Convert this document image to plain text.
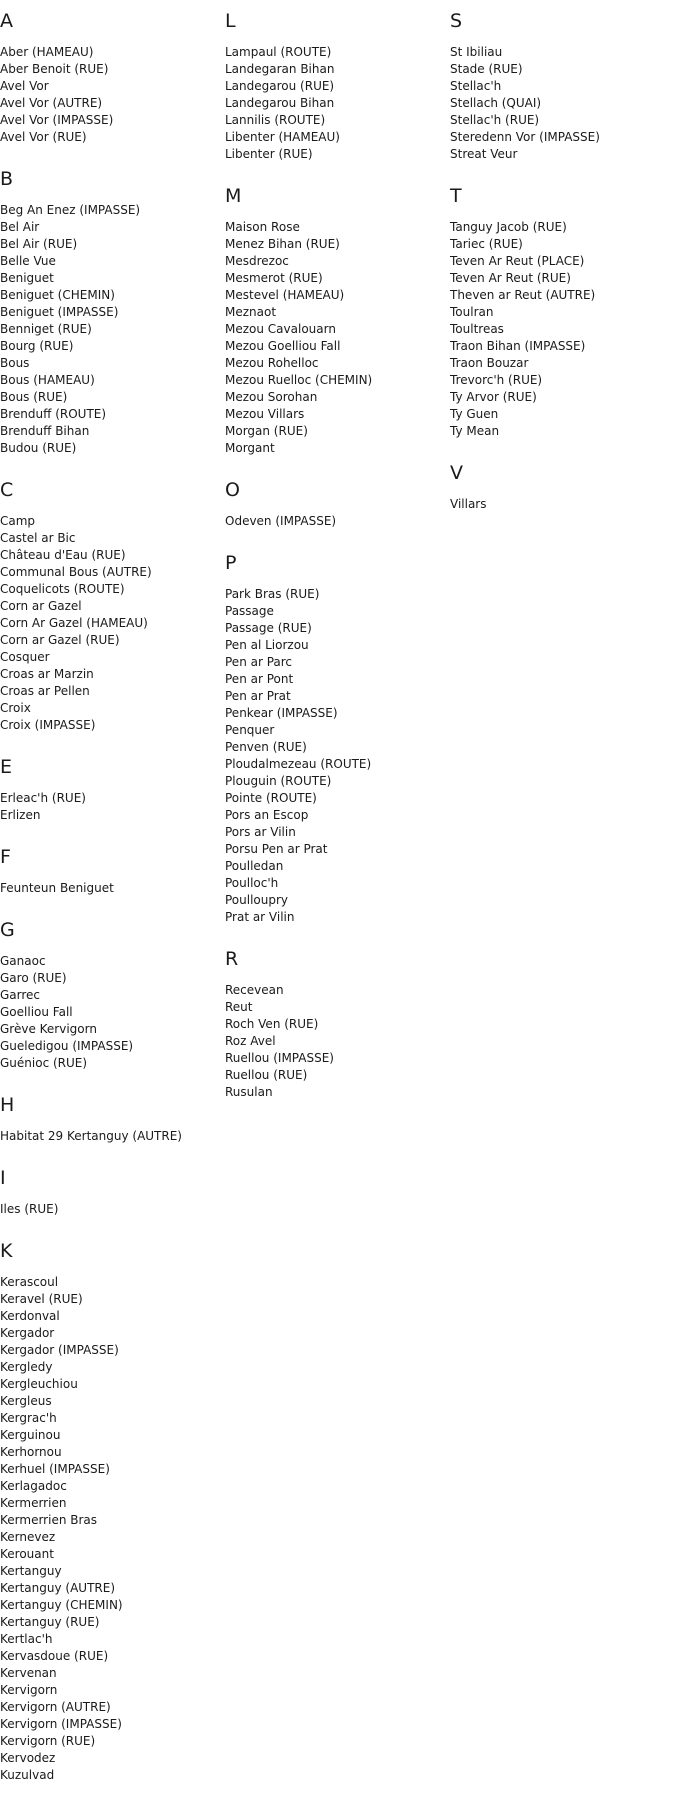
A
Aber (HAMEAU)
Aber Benoit (RUE)
Avel Vor
Avel Vor (AUTRE)
Avel Vor (IMPASSE)
Avel Vor (RUE)
B
Beg An Enez (IMPASSE)
Bel Air
Bel Air (RUE)
Belle Vue
Beniguet
Beniguet (CHEMIN)
Beniguet (IMPASSE)
Benniget (RUE)
Bourg (RUE)
Bous
Bous (HAMEAU)
Bous (RUE)
Brenduff (ROUTE)
Brenduff Bihan
Budou (RUE)
C
Camp
Castel ar Bic
Château d'Eau (RUE)
Communal Bous (AUTRE)
Coquelicots (ROUTE)
Corn ar Gazel
Corn Ar Gazel (HAMEAU)
Corn ar Gazel (RUE)
Cosquer
Croas ar Marzin
Croas ar Pellen
Croix
Croix (IMPASSE)
E
Erleac'h (RUE)
Erlizen
F
Feunteun Beniguet
G
Ganaoc
Garo (RUE)
Garrec
Goelliou Fall
Grève Kervigorn
Gueledigou (IMPASSE)
Guénioc (RUE)
H
Habitat 29 Kertanguy (AUTRE)
I
Iles (RUE)
K
Kerascoul
Keravel (RUE)
Kerdonval
Kergador
Kergador (IMPASSE)
Kergledy
Kergleuchiou
Kergleus
Kergrac'h
Kerguinou
Kerhornou
Kerhuel (IMPASSE)
Kerlagadoc
Kermerrien
Kermerrien Bras
Kernevez
Kerouant
Kertanguy
Kertanguy (AUTRE)
Kertanguy (CHEMIN)
Kertanguy (RUE)
Kertlac'h
Kervasdoue (RUE)
Kervenan
Kervigorn
Kervigorn (AUTRE)
Kervigorn (IMPASSE)
Kervigorn (RUE)
Kervodez
Kuzulvad
L
Lampaul (ROUTE)
Landegaran Bihan
Landegarou (RUE)
Landegarou Bihan
Lannilis (ROUTE)
Libenter (HAMEAU)
Libenter (RUE)
M
Maison Rose
Menez Bihan (RUE)
Mesdrezoc
Mesmerot (RUE)
Mestevel (HAMEAU)
Meznaot
Mezou Cavalouarn
Mezou Goelliou Fall
Mezou Rohelloc
Mezou Ruelloc (CHEMIN)
Mezou Sorohan
Mezou Villars
Morgan (RUE)
Morgant
O
Odeven (IMPASSE)
P
Park Bras (RUE)
Passage
Passage (RUE)
Pen al Liorzou
Pen ar Parc
Pen ar Pont
Pen ar Prat
Penkear (IMPASSE)
Penquer
Penven (RUE)
Ploudalmezeau (ROUTE)
Plouguin (ROUTE)
Pointe (ROUTE)
Pors an Escop
Pors ar Vilin
Porsu Pen ar Prat
Poulledan
Poulloc'h
Poulloupry
Prat ar Vilin
R
Recevean
Reut
Roch Ven (RUE)
Roz Avel
Ruellou (IMPASSE)
Ruellou (RUE)
Rusulan
S
St Ibiliau
Stade (RUE)
Stellac'h
Stellach (QUAI)
Stellac'h (RUE)
Steredenn Vor (IMPASSE)
Streat Veur
T
Tanguy Jacob (RUE)
Tariec (RUE)
Teven Ar Reut (PLACE)
Teven Ar Reut (RUE)
Theven ar Reut (AUTRE)
Toulran
Toultreas
Traon Bihan (IMPASSE)
Traon Bouzar
Trevorc'h (RUE)
Ty Arvor (RUE)
Ty Guen
Ty Mean
V
Villars
